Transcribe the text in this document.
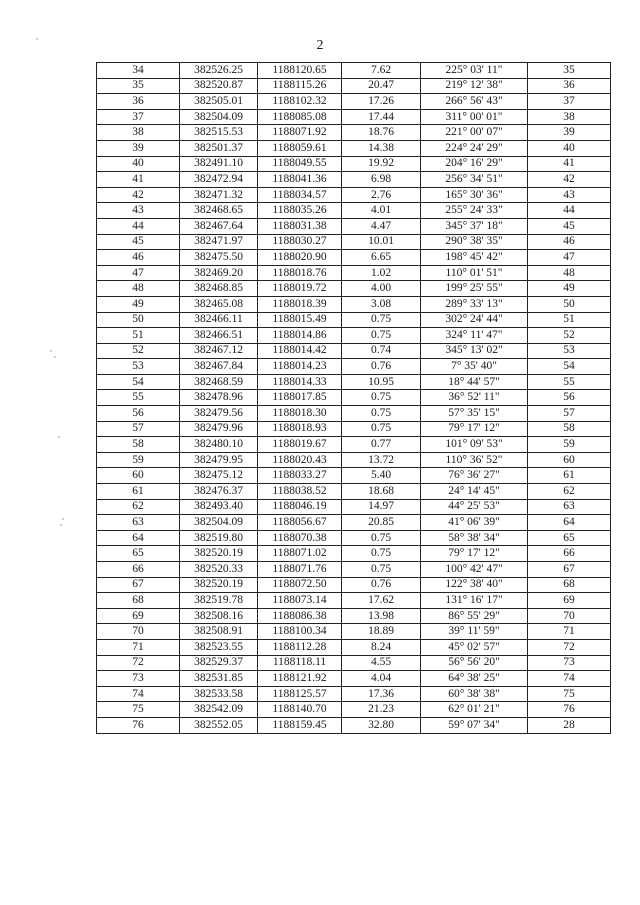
2
34	382526.25	1188120.65	7.62	225° 03' 11"	35
35	382520.87	1188115.26	20.47	219° 12' 38"	36
36	382505.01	1188102.32	17.26	266° 56' 43"	37
37	382504.09	1188085.08	17.44	311° 00' 01"	38
38	382515.53	1188071.92	18.76	221° 00' 07"	39
39	382501.37	1188059.61	14.38	224° 24' 29"	40
40	382491.10	1188049.55	19.92	204° 16' 29"	41
41	382472.94	1188041.36	6.98	256° 34' 51"	42
42	382471.32	1188034.57	2.76	165° 30' 36"	43
43	382468.65	1188035.26	4.01	255° 24' 33"	44
44	382467.64	1188031.38	4.47	345° 37' 18"	45
45	382471.97	1188030.27	10.01	290° 38' 35"	46
46	382475.50	1188020.90	6.65	198° 45' 42"	47
47	382469.20	1188018.76	1.02	110° 01' 51"	48
48	382468.85	1188019.72	4.00	199° 25' 55"	49
49	382465.08	1188018.39	3.08	289° 33' 13"	50
50	382466.11	1188015.49	0.75	302° 24' 44"	51
51	382466.51	1188014.86	0.75	324° 11' 47"	52
52	382467.12	1188014.42	0.74	345° 13' 02"	53
53	382467.84	1188014.23	0.76	7° 35' 40"	54
54	382468.59	1188014.33	10.95	18° 44' 57"	55
55	382478.96	1188017.85	0.75	36° 52' 11"	56
56	382479.56	1188018.30	0.75	57° 35' 15"	57
57	382479.96	1188018.93	0.75	79° 17' 12"	58
58	382480.10	1188019.67	0.77	101° 09' 53"	59
59	382479.95	1188020.43	13.72	110° 36' 52"	60
60	382475.12	1188033.27	5.40	76° 36' 27"	61
61	382476.37	1188038.52	18.68	24° 14' 45"	62
62	382493.40	1188046.19	14.97	44° 25' 53"	63
63	382504.09	1188056.67	20.85	41° 06' 39"	64
64	382519.80	1188070.38	0.75	58° 38' 34"	65
65	382520.19	1188071.02	0.75	79° 17' 12"	66
66	382520.33	1188071.76	0.75	100° 42' 47"	67
67	382520.19	1188072.50	0.76	122° 38' 40"	68
68	382519.78	1188073.14	17.62	131° 16' 17"	69
69	382508.16	1188086.38	13.98	86° 55' 29"	70
70	382508.91	1188100.34	18.89	39° 11' 59"	71
71	382523.55	1188112.28	8.24	45° 02' 57"	72
72	382529.37	1188118.11	4.55	56° 56' 20"	73
73	382531.85	1188121.92	4.04	64° 38' 25"	74
74	382533.58	1188125.57	17.36	60° 38' 38"	75
75	382542.09	1188140.70	21.23	62° 01' 21"	76
76	382552.05	1188159.45	32.80	59° 07' 34"	28
